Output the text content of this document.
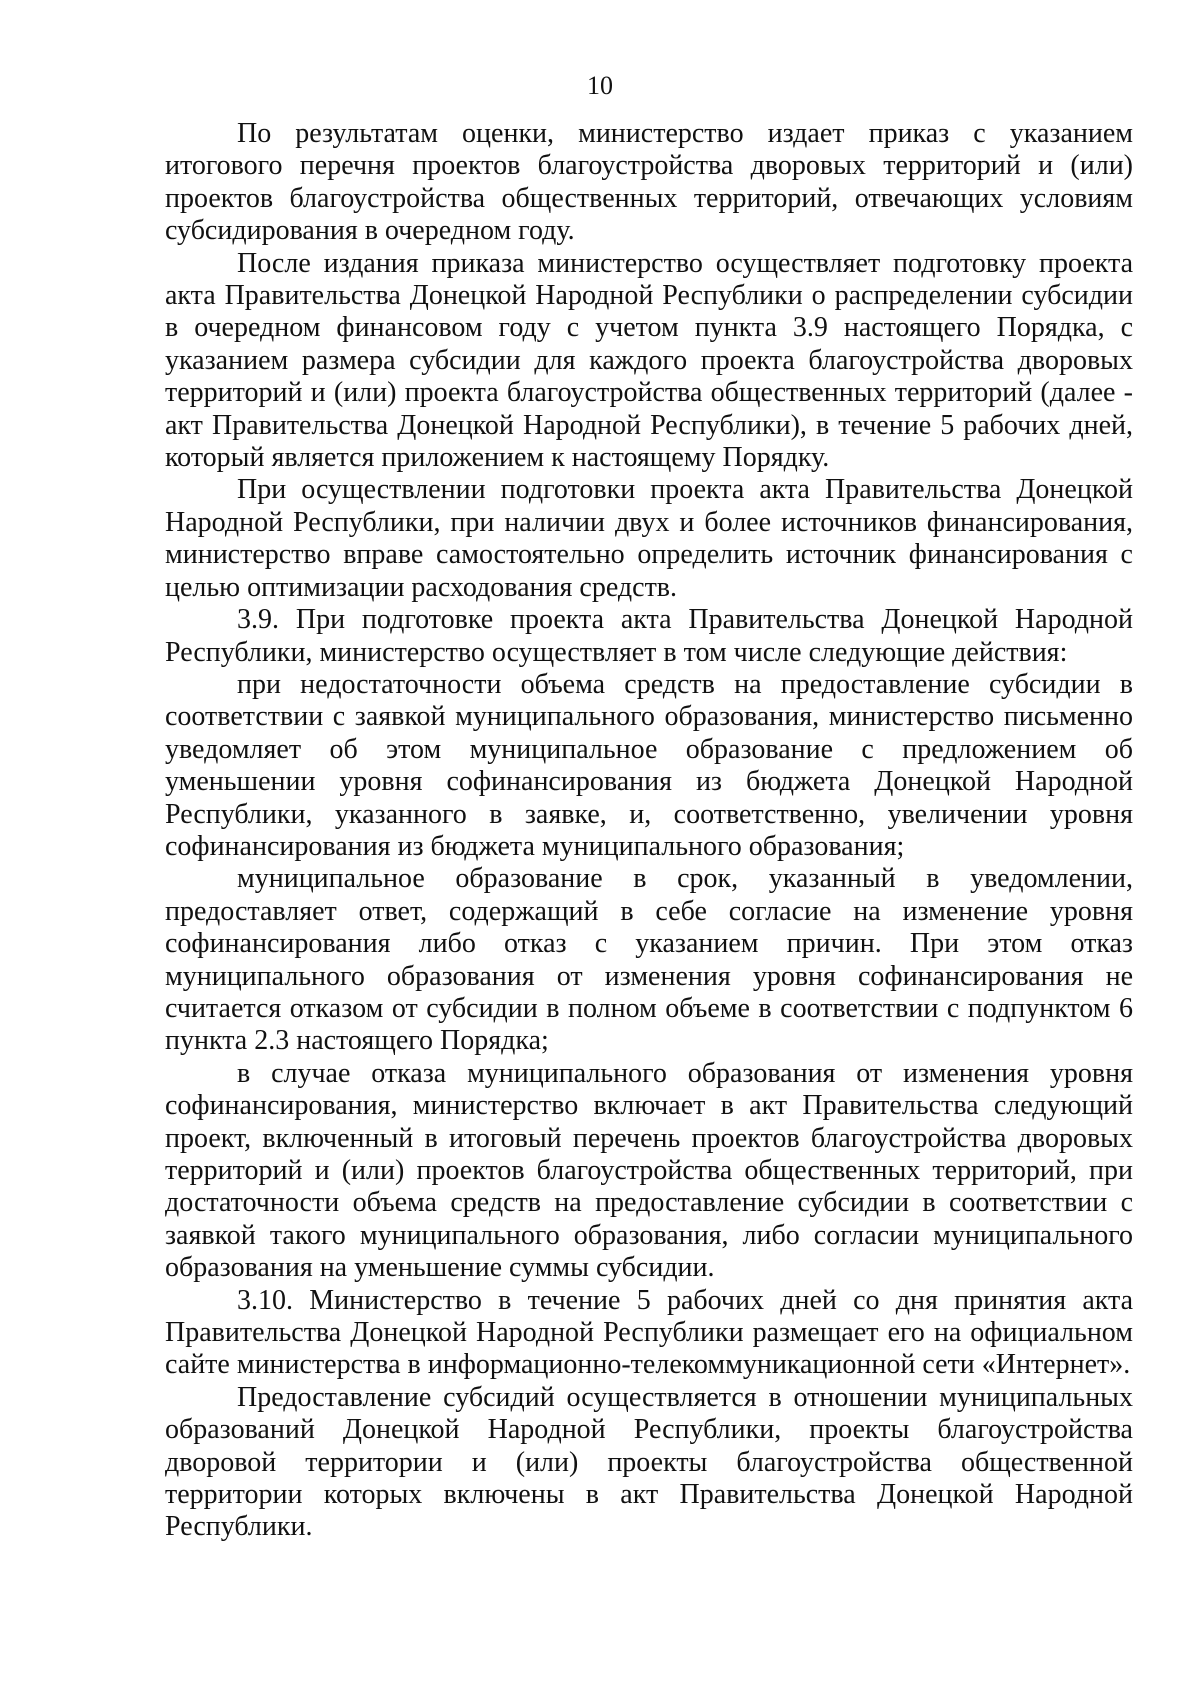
10

По результатам оценки, министерство издает приказ с указанием итогового перечня проектов благоустройства дворовых территорий и (или) проектов благоустройства общественных территорий, отвечающих условиям субсидирования в очередном году.

После издания приказа министерство осуществляет подготовку проекта акта Правительства Донецкой Народной Республики о распределении субсидии в очередном финансовом году с учетом пункта 3.9 настоящего Порядка, с указанием размера субсидии для каждого проекта благоустройства дворовых территорий и (или) проекта благоустройства общественных территорий (далее - акт Правительства Донецкой Народной Республики), в течение 5 рабочих дней, который является приложением к настоящему Порядку.

При осуществлении подготовки проекта акта Правительства Донецкой Народной Республики, при наличии двух и более источников финансирования, министерство вправе самостоятельно определить источник финансирования с целью оптимизации расходования средств.

3.9. При подготовке проекта акта Правительства Донецкой Народной Республики, министерство осуществляет в том числе следующие действия:

при недостаточности объема средств на предоставление субсидии в соответствии с заявкой муниципального образования, министерство письменно уведомляет об этом муниципальное образование с предложением об уменьшении уровня софинансирования из бюджета Донецкой Народной Республики, указанного в заявке, и, соответственно, увеличении уровня софинансирования из бюджета муниципального образования;

муниципальное образование в срок, указанный в уведомлении, предоставляет ответ, содержащий в себе согласие на изменение уровня софинансирования либо отказ с указанием причин. При этом отказ муниципального образования от изменения уровня софинансирования не считается отказом от субсидии в полном объеме в соответствии с подпунктом 6 пункта 2.3 настоящего Порядка;

в случае отказа муниципального образования от изменения уровня софинансирования, министерство включает в акт Правительства следующий проект, включенный в итоговый перечень проектов благоустройства дворовых территорий и (или) проектов благоустройства общественных территорий, при достаточности объема средств на предоставление субсидии в соответствии с заявкой такого муниципального образования, либо согласии муниципального образования на уменьшение суммы субсидии.

3.10. Министерство в течение 5 рабочих дней со дня принятия акта Правительства Донецкой Народной Республики размещает его на официальном сайте министерства в информационно-телекоммуникационной сети «Интернет».

Предоставление субсидий осуществляется в отношении муниципальных образований Донецкой Народной Республики, проекты благоустройства дворовой территории и (или) проекты благоустройства общественной территории которых включены в акт Правительства Донецкой Народной Республики.
